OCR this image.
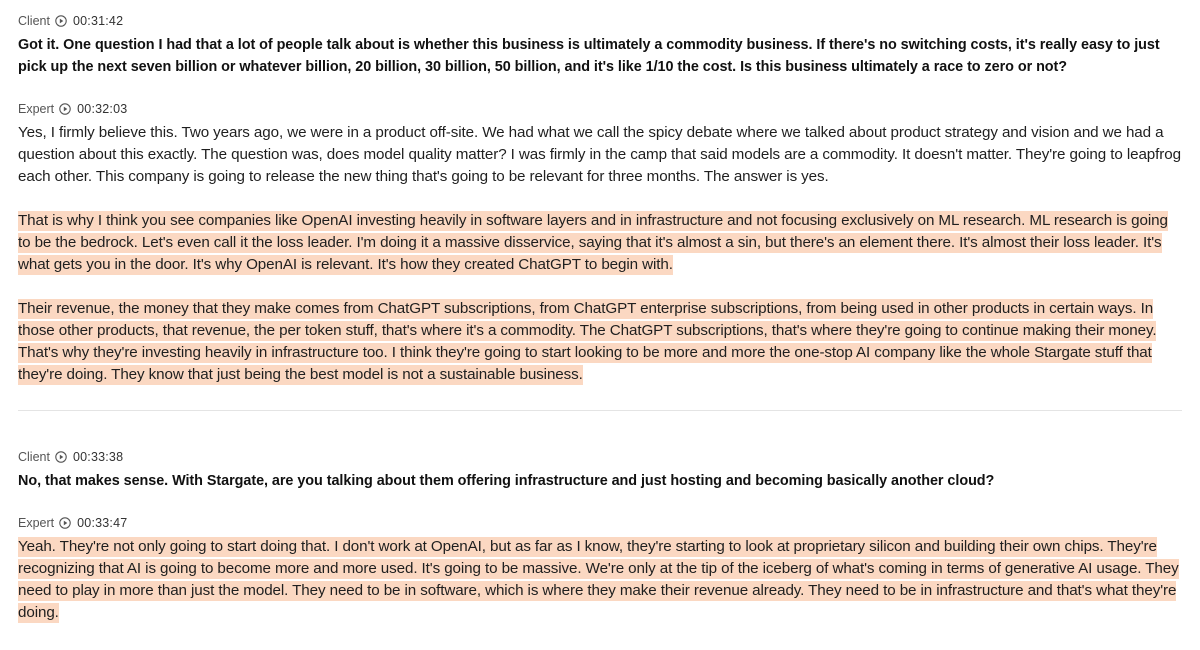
Client 00:31:42

Got it. One question I had that a lot of people talk about is whether this business is ultimately a commodity business. If there's no switching costs, it's really easy to just pick up the next seven billion or whatever billion, 20 billion, 30 billion, 50 billion, and it's like 1/10 the cost. Is this business ultimately a race to zero or not?

Expert 00:32:03

Yes, I firmly believe this. Two years ago, we were in a product off-site. We had what we call the spicy debate where we talked about product strategy and vision and we had a question about this exactly. The question was, does model quality matter? I was firmly in the camp that said models are a commodity. It doesn't matter. They're going to leapfrog each other. This company is going to release the new thing that's going to be relevant for three months. The answer is yes.

That is why I think you see companies like OpenAI investing heavily in software layers and in infrastructure and not focusing exclusively on ML research. ML research is going to be the bedrock. Let's even call it the loss leader. I'm doing it a massive disservice, saying that it's almost a sin, but there's an element there. It's almost their loss leader. It's what gets you in the door. It's why OpenAI is relevant. It's how they created ChatGPT to begin with.

Their revenue, the money that they make comes from ChatGPT subscriptions, from ChatGPT enterprise subscriptions, from being used in other products in certain ways. In those other products, that revenue, the per token stuff, that's where it's a commodity. The ChatGPT subscriptions, that's where they're going to continue making their money. That's why they're investing heavily in infrastructure too. I think they're going to start looking to be more and more the one-stop AI company like the whole Stargate stuff that they're doing. They know that just being the best model is not a sustainable business.

Client 00:33:38

No, that makes sense. With Stargate, are you talking about them offering infrastructure and just hosting and becoming basically another cloud?

Expert 00:33:47

Yeah. They're not only going to start doing that. I don't work at OpenAI, but as far as I know, they're starting to look at proprietary silicon and building their own chips. They're recognizing that AI is going to become more and more used. It's going to be massive. We're only at the tip of the iceberg of what's coming in terms of generative AI usage. They need to play in more than just the model. They need to be in software, which is where they make their revenue already. They need to be in infrastructure and that's what they're doing.
